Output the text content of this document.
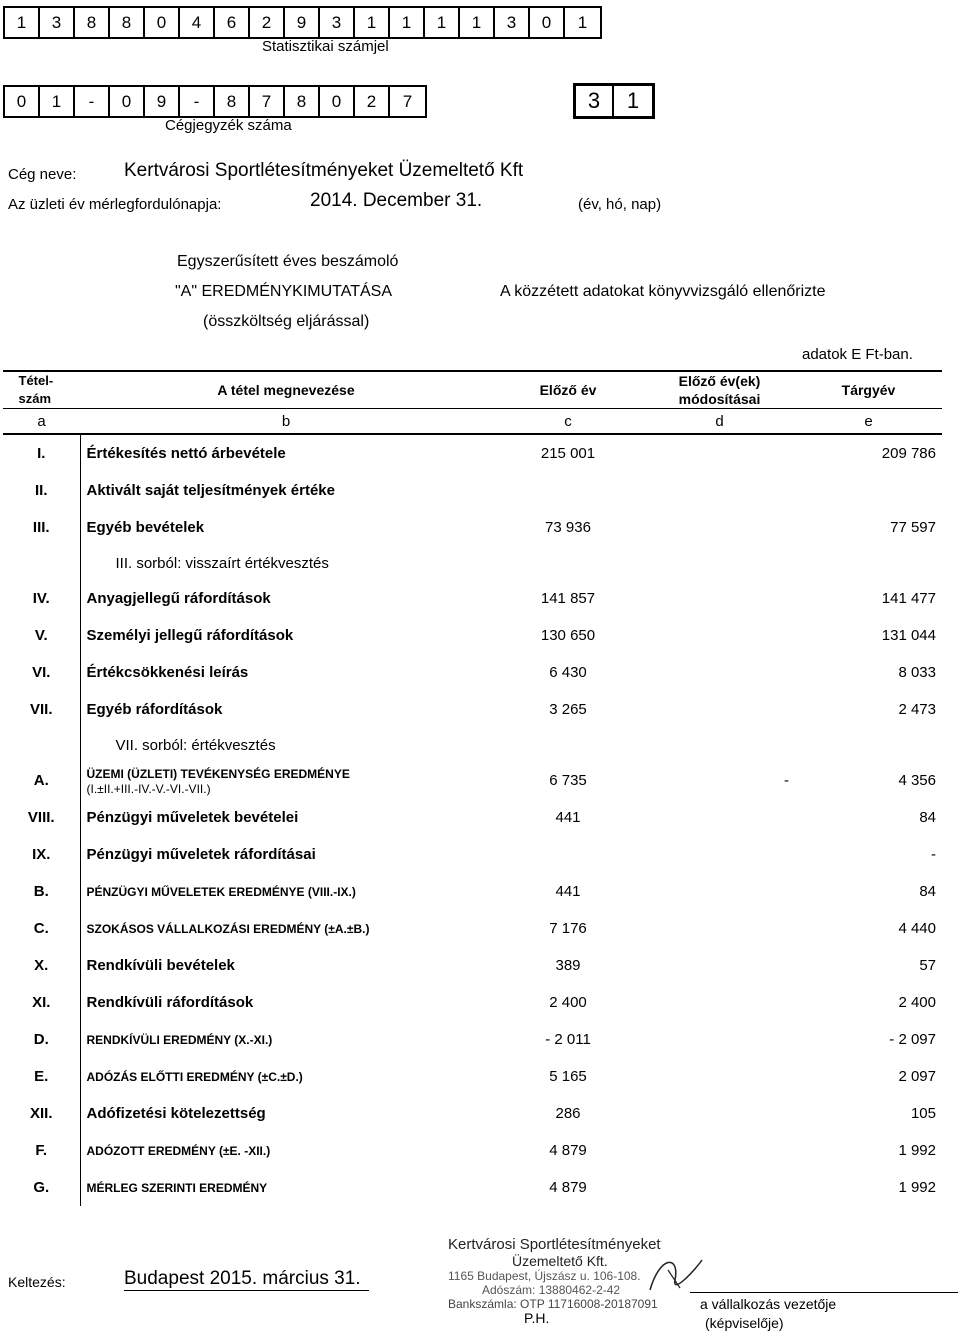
1	3	8	8	0	4	6	2	9	3	1	1	1	1	3	0	1
Statisztikai számjel
0	1	-	0	9	-	8	7	8	0	2	7
Cégjegyzék száma
3	1
Cég neve:	Kertvárosi Sportlétesítményeket Üzemeltető Kft
Az üzleti év mérlegfordulónapja:	2014. December 31.	(év, hó, nap)
Egyszerűsített éves beszámoló
"A" EREDMÉNYKIMUTATÁSA
(összköltség eljárással)
A közzétett adatokat könyvvizsgáló ellenőrizte
adatok E Ft-ban.
Tétel-szám	A tétel megnevezése	Előző év	Előző év(ek) módosításai	Tárgyév
a	b	c	d	e
I.	Értékesítés nettó árbevétele	215 001		209 786
II.	Aktivált saját teljesítmények értéke			
III.	Egyéb bevételek	73 936		77 597
	III. sorból: visszaírt értékvesztés			
IV.	Anyagjellegű ráfordítások	141 857		141 477
V.	Személyi jellegű ráfordítások	130 650		131 044
VI.	Értékcsökkenési leírás	6 430		8 033
VII.	Egyéb ráfordítások	3 265		2 473
	VII. sorból: értékvesztés			
A.	ÜZEMI (ÜZLETI) TEVÉKENYSÉG EREDMÉNYE
(I.±II.+III.-IV.-V.-VI.-VII.)	6 735	-	4 356
VIII.	Pénzügyi műveletek bevételei	441		84
IX.	Pénzügyi műveletek ráfordításai			-
B.	PÉNZÜGYI MŰVELETEK EREDMÉNYE (VIII.-IX.)	441		84
C.	SZOKÁSOS VÁLLALKOZÁSI EREDMÉNY (±A.±B.)	7 176		4 440
X.	Rendkívüli bevételek	389		57
XI.	Rendkívüli ráfordítások	2 400		2 400
D.	RENDKÍVÜLI EREDMÉNY (X.-XI.)	- 2 011		- 2 097
E.	ADÓZÁS ELŐTTI EREDMÉNY (±C.±D.)	5 165		2 097
XII.	Adófizetési kötelezettség	286		105
F.	ADÓZOTT EREDMÉNY (±E. -XII.)	4 879		1 992
G.	MÉRLEG SZERINTI EREDMÉNY	4 879		1 992
Keltezés:	Budapest 2015. március 31.
Kertvárosi Sportlétesítményeket
Üzemeltető Kft.
1165 Budapest, Újszász u. 106-108.
Adószám: 13880462-2-42
Bankszámla: OTP 11716008-20187091
P.H.
a vállalkozás vezetője
(képviselője)
